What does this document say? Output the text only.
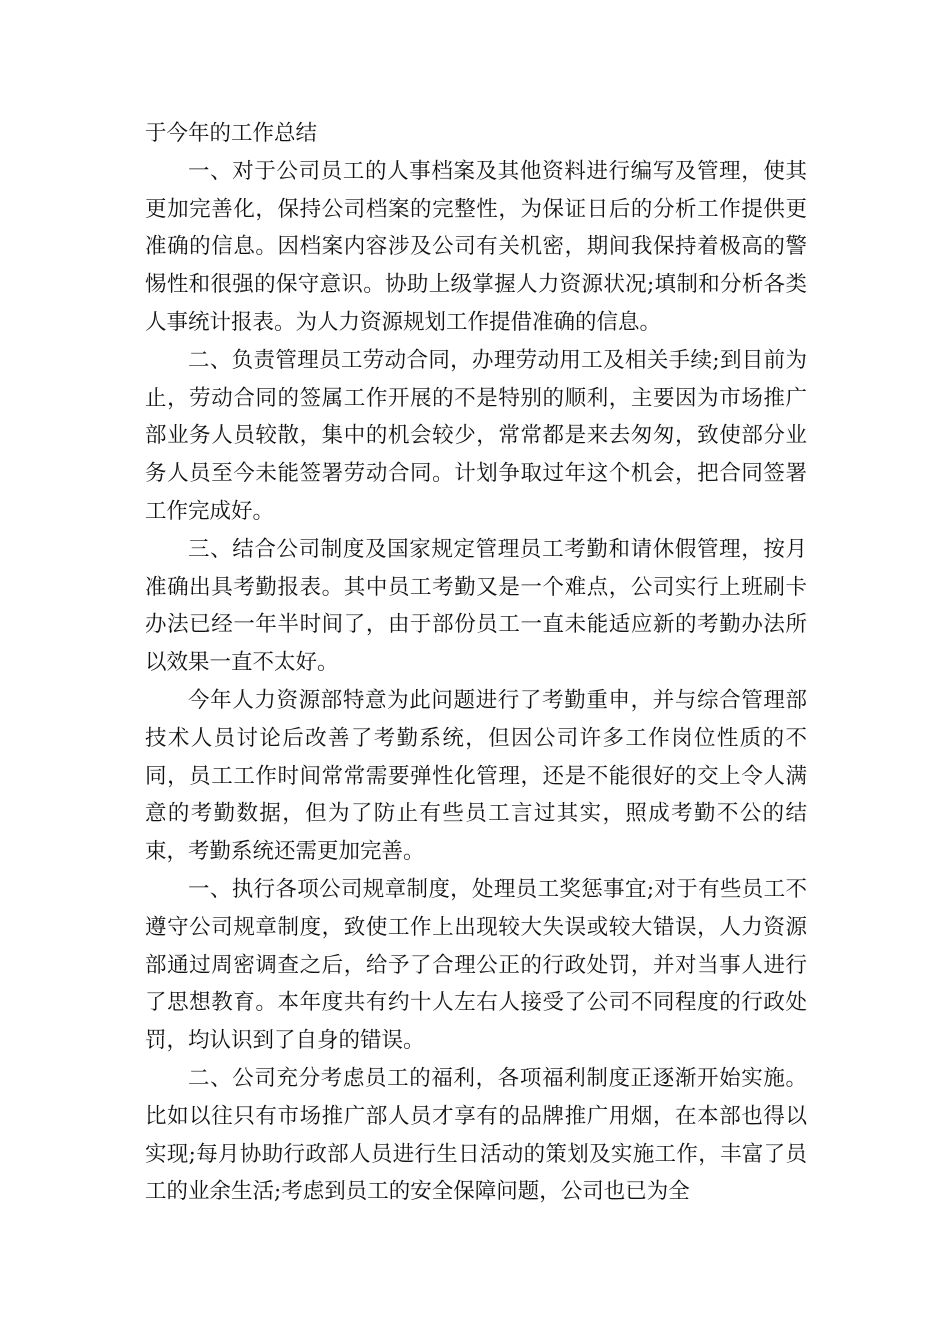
于今年的工作总结

一、对于公司员工的人事档案及其他资料进行编写及管理，使其更加完善化，保持公司档案的完整性，为保证日后的分析工作提供更准确的信息。因档案内容涉及公司有关机密，期间我保持着极高的警惕性和很强的保守意识。协助上级掌握人力资源状况;填制和分析各类人事统计报表。为人力资源规划工作提借准确的信息。

二、负责管理员工劳动合同，办理劳动用工及相关手续;到目前为止，劳动合同的签属工作开展的不是特别的顺利，主要因为市场推广部业务人员较散，集中的机会较少，常常都是来去匆匆，致使部分业务人员至今未能签署劳动合同。计划争取过年这个机会，把合同签署工作完成好。

三、结合公司制度及国家规定管理员工考勤和请休假管理，按月准确出具考勤报表。其中员工考勤又是一个难点，公司实行上班刷卡办法已经一年半时间了，由于部份员工一直未能适应新的考勤办法所以效果一直不太好。

今年人力资源部特意为此问题进行了考勤重申，并与综合管理部技术人员讨论后改善了考勤系统，但因公司许多工作岗位性质的不同，员工工作时间常常需要弹性化管理，还是不能很好的交上令人满意的考勤数据，但为了防止有些员工言过其实，照成考勤不公的结束，考勤系统还需更加完善。

一、执行各项公司规章制度，处理员工奖惩事宜;对于有些员工不遵守公司规章制度，致使工作上出现较大失误或较大错误，人力资源部通过周密调查之后，给予了合理公正的行政处罚，并对当事人进行了思想教育。本年度共有约十人左右人接受了公司不同程度的行政处罚，均认识到了自身的错误。

二、公司充分考虑员工的福利，各项福利制度正逐渐开始实施。比如以往只有市场推广部人员才享有的品牌推广用烟，在本部也得以实现;每月协助行政部人员进行生日活动的策划及实施工作，丰富了员工的业余生活;考虑到员工的安全保障问题，公司也已为全
